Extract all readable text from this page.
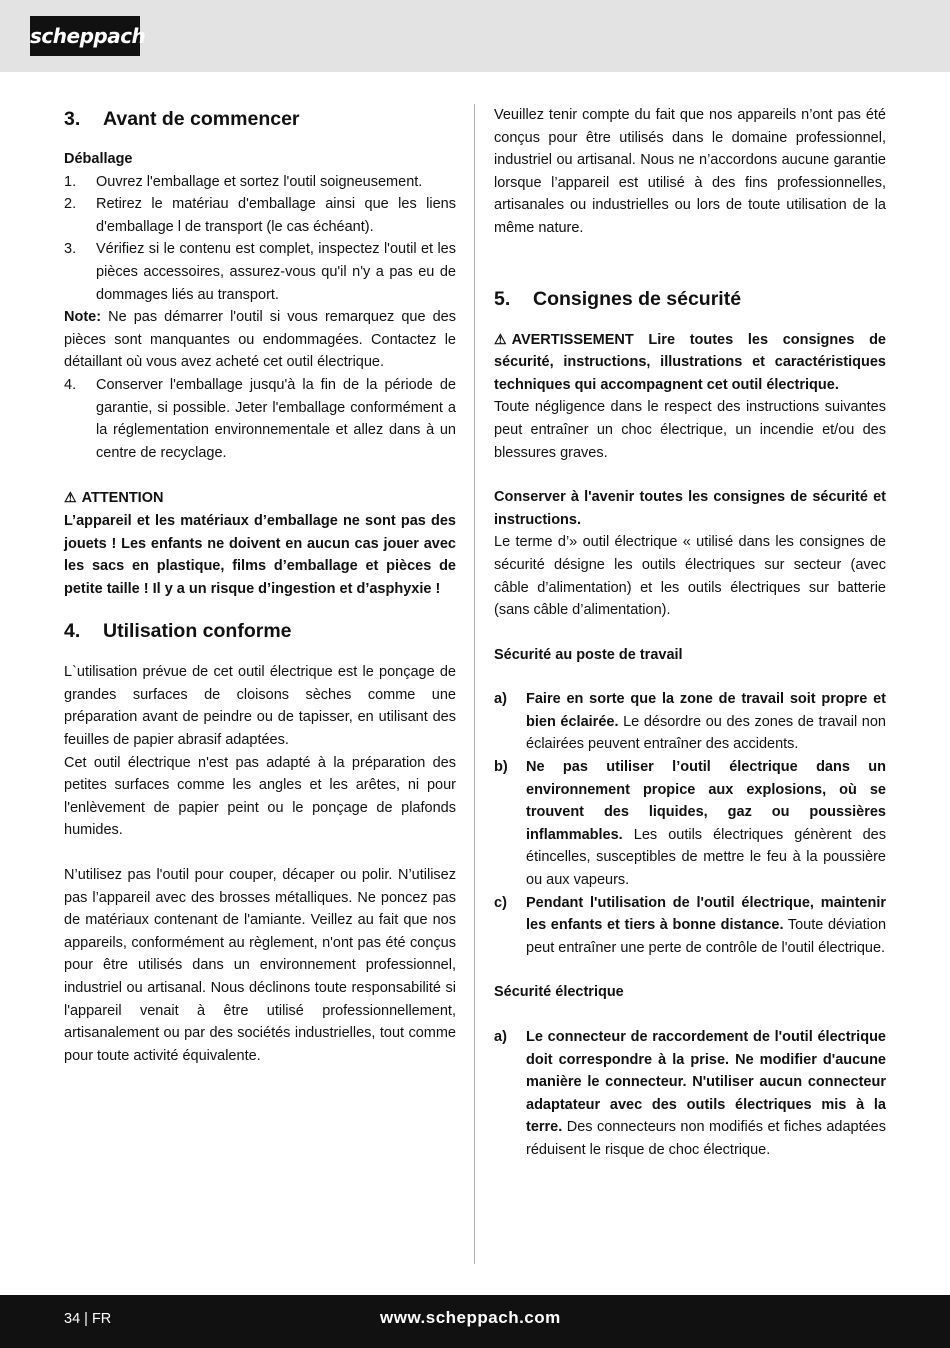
scheppach
3.	Avant de commencer

Déballage

1.	Ouvrez l'emballage et sortez l'outil soigneusement.
2.	Retirez le matériau d'emballage ainsi que les liens d'emballage l de transport (le cas échéant).
3.	Vérifiez si le contenu est complet, inspectez l'outil et les pièces accessoires, assurez-vous qu'il n'y a pas eu de dommages liés au transport.

Note: Ne pas démarrer l'outil si vous remarquez que des pièces sont manquantes ou endommagées. Contactez le détaillant où vous avez acheté cet outil électrique.

4.	Conserver l'emballage jusqu'à la fin de la période de garantie, si possible. Jeter l'emballage conformément a la réglementation environnementale et allez dans à un centre de recyclage.

⚠ ATTENTION

L’appareil et les matériaux d’emballage ne sont pas des jouets ! Les enfants ne doivent en aucun cas jouer avec les sacs en plastique, films d’emballage et pièces de petite taille ! Il y a un risque d’ingestion et d’asphyxie !

4.	Utilisation conforme

L`utilisation prévue de cet outil électrique est le ponçage de grandes surfaces de cloisons sèches comme une préparation avant de peindre ou de tapisser, en utilisant des feuilles de papier abrasif adaptées.

Cet outil électrique n'est pas adapté à la préparation des petites surfaces comme les angles et les arêtes, ni pour l'enlèvement de papier peint ou le ponçage de plafonds humides.

N’utilisez pas l'outil pour couper, décaper ou polir. N’utilisez pas l’appareil avec des brosses métalliques. Ne poncez pas de matériaux contenant de l'amiante. Veillez au fait que nos appareils, conformément au règlement, n'ont pas été conçus pour être utilisés dans un environnement professionnel, industriel ou artisanal. Nous déclinons toute responsabilité si l'appareil venait à être utilisé professionnellement, artisanalement ou par des sociétés industrielles, tout comme pour toute activité équivalente.

Veuillez tenir compte du fait que nos appareils n’ont pas été conçus pour être utilisés dans le domaine professionnel, industriel ou artisanal. Nous ne n’accordons aucune garantie lorsque l’appareil est utilisé à des fins professionnelles, artisanales ou industrielles ou lors de toute utilisation de la même nature.

5.	Consignes de sécurité

⚠ AVERTISSEMENT Lire toutes les consignes de sécurité, instructions, illustrations et caractéristiques techniques qui accompagnent cet outil électrique.

Toute négligence dans le respect des instructions suivantes peut entraîner un choc électrique, un incendie et/ou des blessures graves.

Conserver à l'avenir toutes les consignes de sécurité et instructions.

Le terme d’» outil électrique « utilisé dans les consignes de sécurité désigne les outils électriques sur secteur (avec câble d’alimentation) et les outils électriques sur batterie (sans câble d’alimentation).

Sécurité au poste de travail

a)	Faire en sorte que la zone de travail soit propre et bien éclairée. Le désordre ou des zones de travail non éclairées peuvent entraîner des accidents.
b)	Ne pas utiliser l’outil électrique dans un environnement propice aux explosions, où se trouvent des liquides, gaz ou poussières inflammables. Les outils électriques génèrent des étincelles, susceptibles de mettre le feu à la poussière ou aux vapeurs.
c)	Pendant l'utilisation de l'outil électrique, maintenir les enfants et tiers à bonne distance. Toute déviation peut entraîner une perte de contrôle de l'outil électrique.

Sécurité électrique

a)	Le connecteur de raccordement de l'outil électrique doit correspondre à la prise. Ne modifier d'aucune manière le connecteur. N'utiliser aucun connecteur adaptateur avec des outils électriques mis à la terre. Des connecteurs non modifiés et fiches adaptées réduisent le risque de choc électrique.
34 | FR	www.scheppach.com
